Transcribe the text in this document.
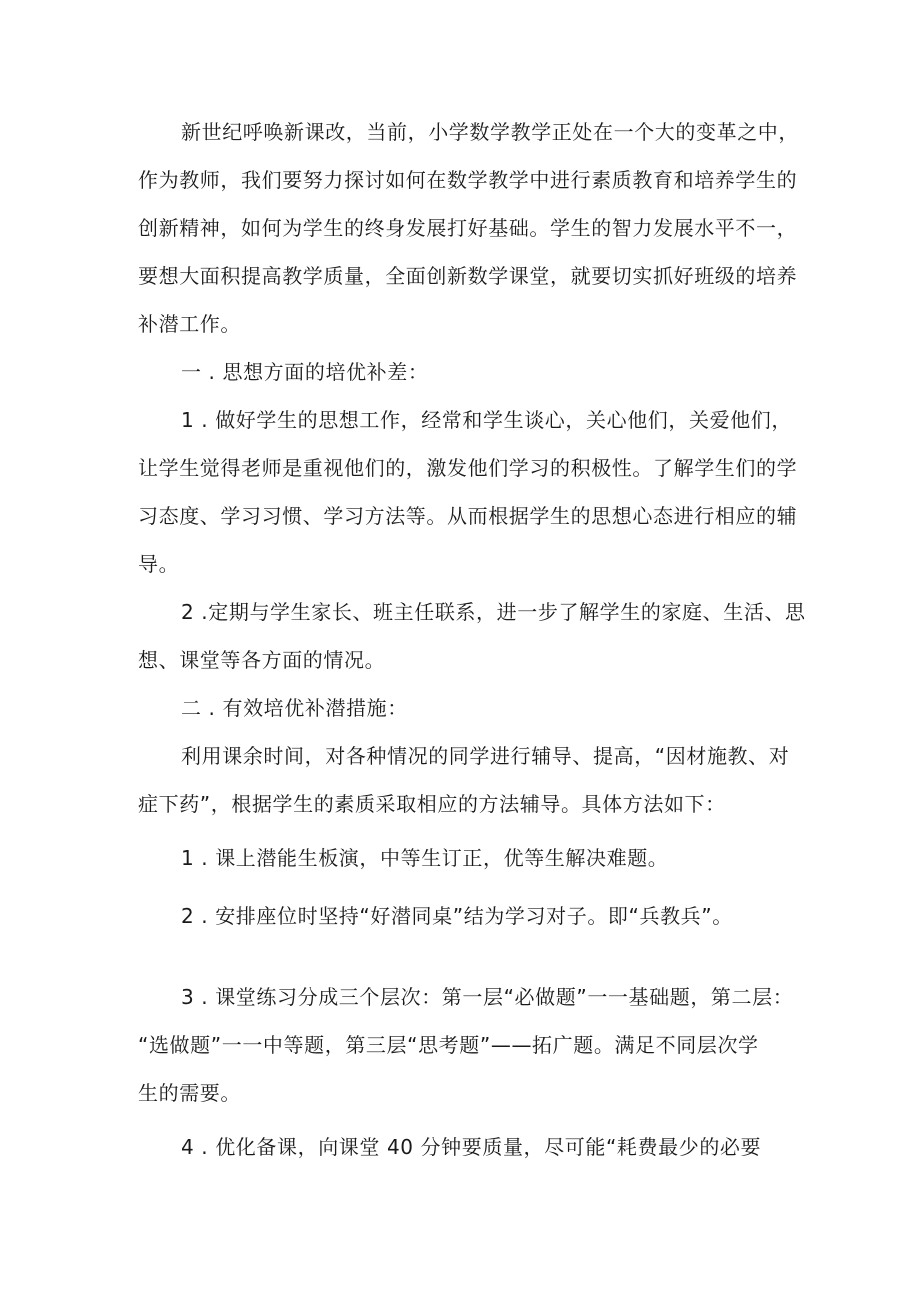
新世纪呼唤新课改，当前，小学数学教学正处在一个大的变革之中，
作为教师，我们要努力探讨如何在数学教学中进行素质教育和培养学生的
创新精神，如何为学生的终身发展打好基础。学生的智力发展水平不一，
要想大面积提高教学质量，全面创新数学课堂，就要切实抓好班级的培养
补潜工作。
一 . 思想方面的培优补差：
1 . 做好学生的思想工作，经常和学生谈心，关心他们，关爱他们，
让学生觉得老师是重视他们的，激发他们学习的积极性。了解学生们的学
习态度、学习习惯、学习方法等。从而根据学生的思想心态进行相应的辅
导。
2 .定期与学生家长、班主任联系，进一步了解学生的家庭、生活、思
想、课堂等各方面的情况。
二 . 有效培优补潜措施：
利用课余时间，对各种情况的同学进行辅导、提高，“因材施教、对
症下药”，根据学生的素质采取相应的方法辅导。具体方法如下：
1 . 课上潜能生板演，中等生订正，优等生解决难题。
2 . 安排座位时坚持“好潜同桌”结为学习对子。即“兵教兵”。
3 . 课堂练习分成三个层次：第一层“必做题”一一基础题，第二层：
“选做题”一一中等题，第三层“思考题”——拓广题。满足不同层次学
生的需要。
4 . 优化备课，向课堂 40 分钟要质量，尽可能“耗费最少的必要
